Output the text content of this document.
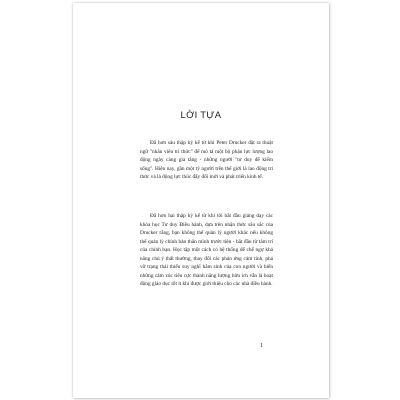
LỜI TỰA

Đã hơn sáu thập kỷ kể từ khi Peter Drucker đặt ra thuật ngữ "nhân viên tri thức" để mô tả một bộ phận lực lượng lao động ngày càng gia tăng - những người "tư duy để kiếm sống". Hiện nay, gần một tỷ người trên thế giới là lao động tri thức và là động lực thúc đẩy đổi mới và phát triển kinh tế.

Đã hơn hai thập kỷ kể từ khi tôi bắt đầu giảng dạy các khóa học Tư duy Điều hành, dựa trên nhận thức sâu sắc của Drucker rằng, bạn không thể quản lý người khác nếu không thể quản lý chính bản thân mình trước tiên - bắt đầu từ tâm trí của chính bạn. Học tập một cách có hệ thống để chế ngự khả năng chú ý thất thường, thay đổi các phản ứng cảm tính, phá vỡ trạng thái thiếu suy nghĩ hằm sinh của con người và biến những cảm xúc tiêu cực thành năng lượng hữu ích vẫn là hoạt động giáo dục tốt ít khi được giới thiệu cho các nhà điều hành.

1
